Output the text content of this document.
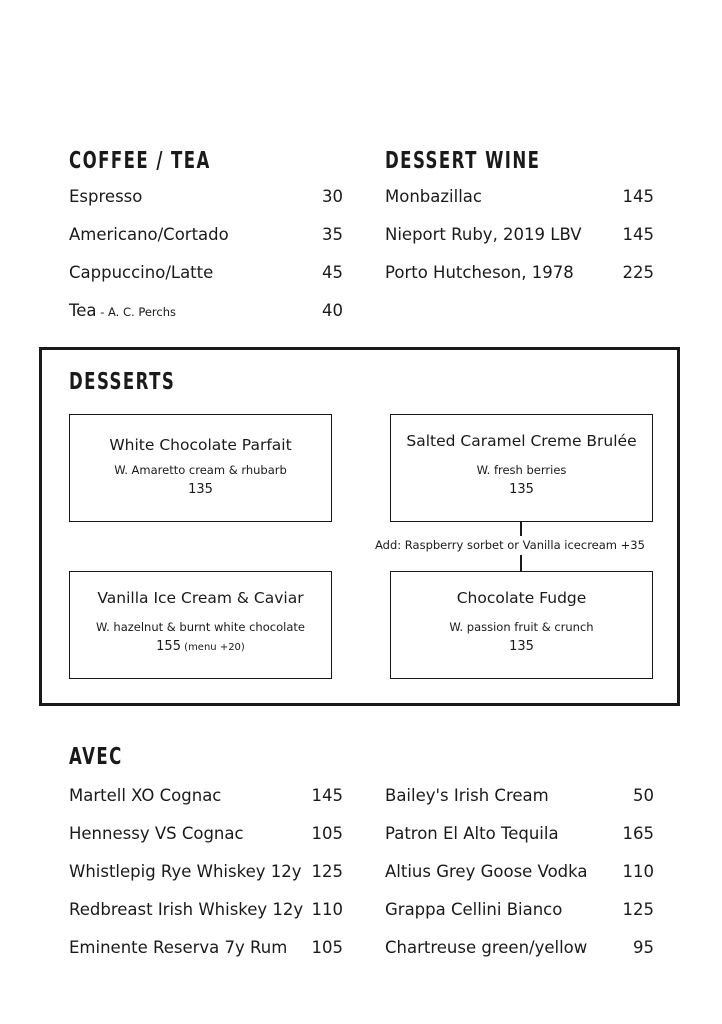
COFFEE / TEA
Espresso	30
Americano/Cortado	35
Cappuccino/Latte	45
Tea - A. C. Perchs	40
DESSERT WINE
Monbazillac	145
Nieport Ruby, 2019 LBV 145
Porto Hutcheson, 1978	225
DESSERTS
White Chocolate Parfait
W. Amaretto cream & rhubarb
135
Salted Caramel Creme Brulée
W. fresh berries
135
Add: Raspberry sorbet or Vanilla icecream +35
Vanilla Ice Cream & Caviar
W. hazelnut & burnt white chocolate
155 (menu +20)
Chocolate Fudge
W. passion fruit & crunch
135
AVEC
Martell XO Cognac	145
Hennessy VS Cognac	105
Whistlepig Rye Whiskey 12y 125
Redbreast Irish Whiskey 12y 110
Eminente Reserva 7y Rum 105
Bailey's Irish Cream	50
Patron El Alto Tequila	165
Altius Grey Goose Vodka 110
Grappa Cellini Bianco	125
Chartreuse green/yellow	95
